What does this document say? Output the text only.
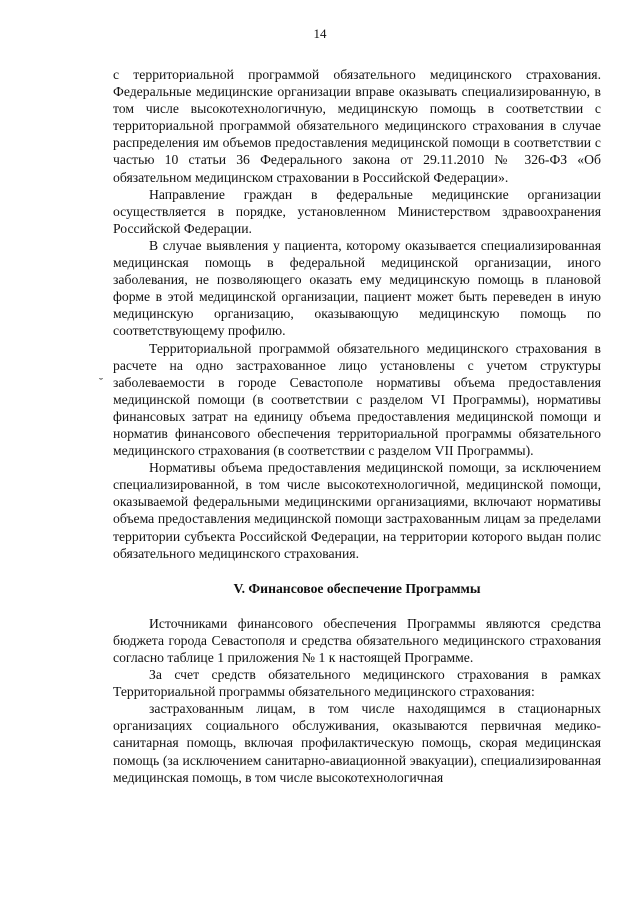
14
˘

с территориальной программой обязательного медицинского страхования. Федеральные медицинские организации вправе оказывать специализированную, в том числе высокотехнологичную, медицинскую помощь в соответствии с территориальной программой обязательного медицинского страхования в случае распределения им объемов предоставления медицинской помощи в соответствии с частью 10 статьи 36 Федерального закона от 29.11.2010 № 326-ФЗ «Об обязательном медицинском страховании в Российской Федерации».

Направление граждан в федеральные медицинские организации осуществляется в порядке, установленном Министерством здравоохранения Российской Федерации.

В случае выявления у пациента, которому оказывается специализированная медицинская помощь в федеральной медицинской организации, иного заболевания, не позволяющего оказать ему медицинскую помощь в плановой форме в этой медицинской организации, пациент может быть переведен в иную медицинскую организацию, оказывающую медицинскую помощь по соответствующему профилю.

Территориальной программой обязательного медицинского страхования в расчете на одно застрахованное лицо установлены с учетом структуры заболеваемости в городе Севастополе нормативы объема предоставления медицинской помощи (в соответствии с разделом VI Программы), нормативы финансовых затрат на единицу объема предоставления медицинской помощи и норматив финансового обеспечения территориальной программы обязательного медицинского страхования (в соответствии с разделом VII Программы).

Нормативы объема предоставления медицинской помощи, за исключением специализированной, в том числе высокотехнологичной, медицинской помощи, оказываемой федеральными медицинскими организациями, включают нормативы объема предоставления медицинской помощи застрахованным лицам за пределами территории субъекта Российской Федерации, на территории которого выдан полис обязательного медицинского страхования.

V. Финансовое обеспечение Программы

Источниками финансового обеспечения Программы являются средства бюджета города Севастополя и средства обязательного медицинского страхования согласно таблице 1 приложения № 1 к настоящей Программе.

За счет средств обязательного медицинского страхования в рамках Территориальной программы обязательного медицинского страхования:

застрахованным лицам, в том числе находящимся в стационарных организациях социального обслуживания, оказываются первичная медико-санитарная помощь, включая профилактическую помощь, скорая медицинская помощь (за исключением санитарно-авиационной эвакуации), специализированная медицинская помощь, в том числе высокотехнологичная
